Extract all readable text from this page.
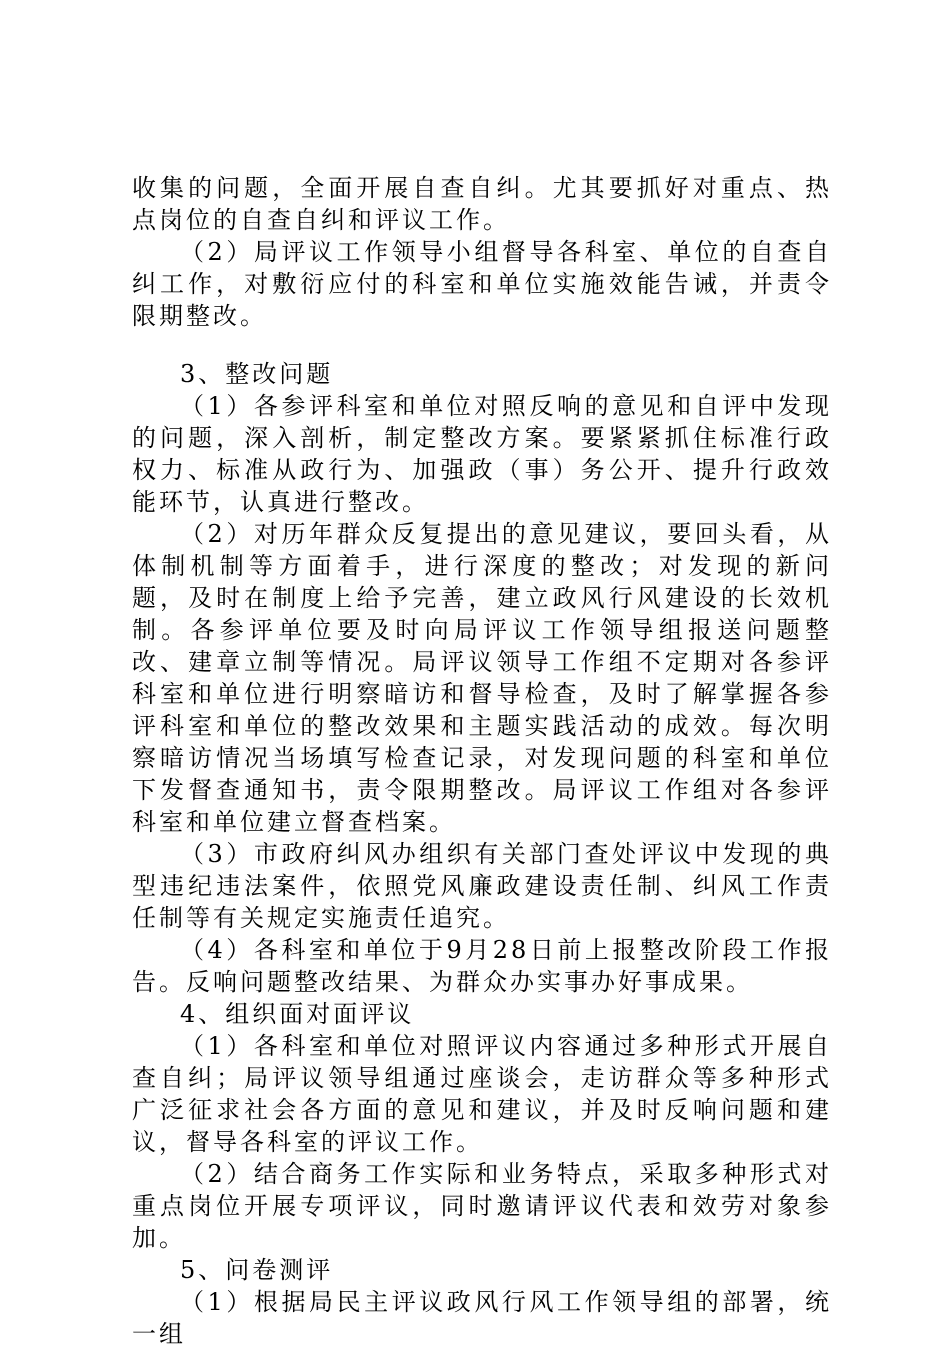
收集的问题，全面开展自查自纠。尤其要抓好对重点、热点岗位的自查自纠和评议工作。

（2）局评议工作领导小组督导各科室、单位的自查自纠工作，对敷衍应付的科室和单位实施效能告诫，并责令限期整改。

3、整改问题

（1）各参评科室和单位对照反响的意见和自评中发现的问题，深入剖析，制定整改方案。要紧紧抓住标准行政权力、标准从政行为、加强政（事）务公开、提升行政效能环节，认真进行整改。

（2）对历年群众反复提出的意见建议，要回头看，从体制机制等方面着手，进行深度的整改；对发现的新问题，及时在制度上给予完善，建立政风行风建设的长效机制。各参评单位要及时向局评议工作领导组报送问题整改、建章立制等情况。局评议领导工作组不定期对各参评科室和单位进行明察暗访和督导检查，及时了解掌握各参评科室和单位的整改效果和主题实践活动的成效。每次明察暗访情况当场填写检查记录，对发现问题的科室和单位下发督查通知书，责令限期整改。局评议工作组对各参评科室和单位建立督查档案。

（3）市政府纠风办组织有关部门查处评议中发现的典型违纪违法案件，依照党风廉政建设责任制、纠风工作责任制等有关规定实施责任追究。

（4）各科室和单位于9月28日前上报整改阶段工作报告。反响问题整改结果、为群众办实事办好事成果。

4、组织面对面评议

（1）各科室和单位对照评议内容通过多种形式开展自查自纠；局评议领导组通过座谈会，走访群众等多种形式广泛征求社会各方面的意见和建议，并及时反响问题和建议，督导各科室的评议工作。

（2）结合商务工作实际和业务特点，采取多种形式对重点岗位开展专项评议，同时邀请评议代表和效劳对象参加。

5、问卷测评

（1）根据局民主评议政风行风工作领导组的部署，统一组
